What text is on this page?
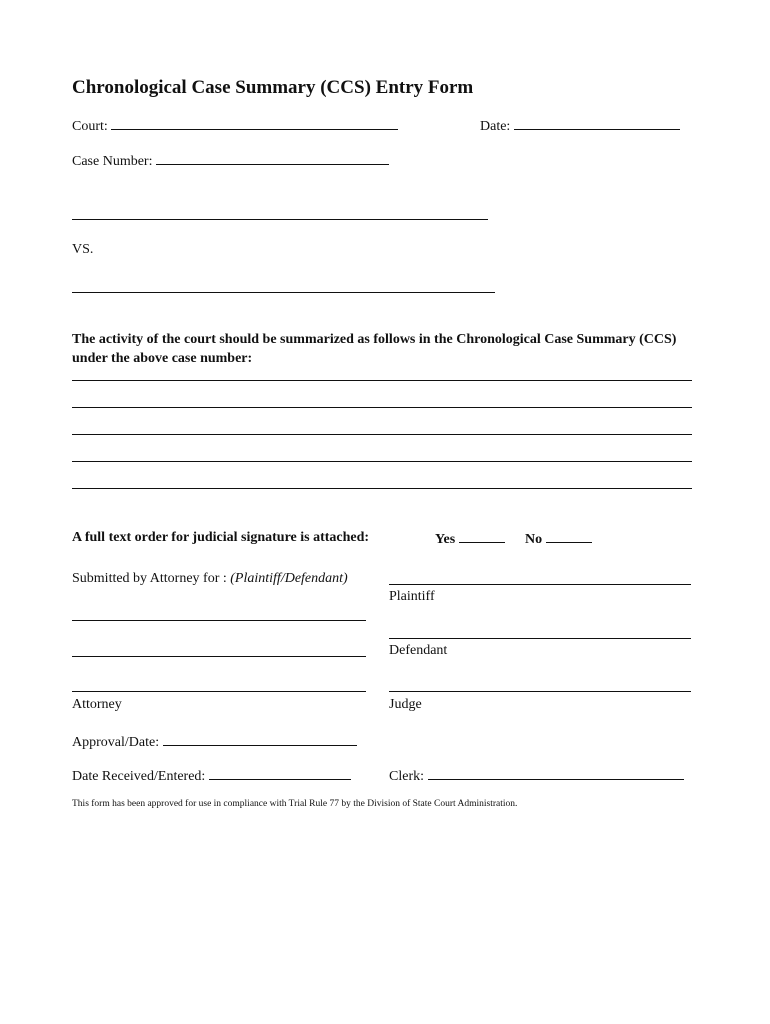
Chronological Case Summary (CCS) Entry Form
Court:	Date:
Case Number:
VS.
The activity of the court should be summarized as follows in the Chronological Case Summary (CCS) under the above case number:
A full text order for judicial signature is attached:	Yes	No
Submitted by Attorney for : (Plaintiff/Defendant)
Plaintiff
Defendant
Judge
Attorney
Approval/Date:
Date Received/Entered:	Clerk:
This form has been approved for use in compliance with Trial Rule 77 by the Division of State Court Administration.
